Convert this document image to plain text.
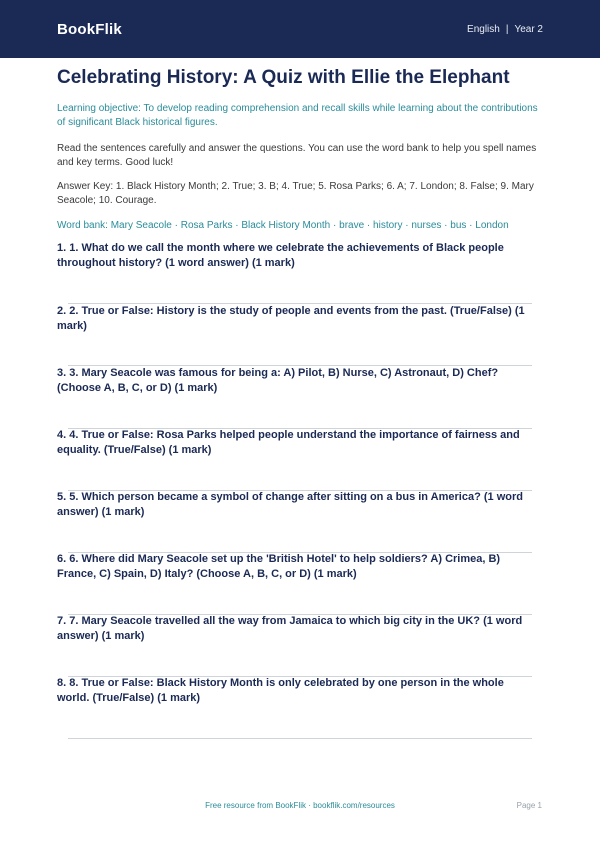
BookFlik	English | Year 2
Celebrating History: A Quiz with Ellie the Elephant

Learning objective: To develop reading comprehension and recall skills while learning about the contributions of significant Black historical figures.

Read the sentences carefully and answer the questions. You can use the word bank to help you spell names and key terms. Good luck!

Answer Key: 1. Black History Month; 2. True; 3. B; 4. True; 5. Rosa Parks; 6. A; 7. London; 8. False; 9. Mary Seacole; 10. Courage.

Word bank: Mary Seacole · Rosa Parks · Black History Month · brave · history · nurses · bus · London

1. 1. What do we call the month where we celebrate the achievements of Black people throughout history? (1 word answer) (1 mark)
2. 2. True or False: History is the study of people and events from the past. (True/False) (1 mark)
3. 3. Mary Seacole was famous for being a: A) Pilot, B) Nurse, C) Astronaut, D) Chef? (Choose A, B, C, or D) (1 mark)
4. 4. True or False: Rosa Parks helped people understand the importance of fairness and equality. (True/False) (1 mark)
5. 5. Which person became a symbol of change after sitting on a bus in America? (1 word answer) (1 mark)
6. 6. Where did Mary Seacole set up the 'British Hotel' to help soldiers? A) Crimea, B) France, C) Spain, D) Italy? (Choose A, B, C, or D) (1 mark)
7. 7. Mary Seacole travelled all the way from Jamaica to which big city in the UK? (1 word answer) (1 mark)
8. 8. True or False: Black History Month is only celebrated by one person in the whole world. (True/False) (1 mark)
Free resource from BookFlik · bookflik.com/resources	Page 1
